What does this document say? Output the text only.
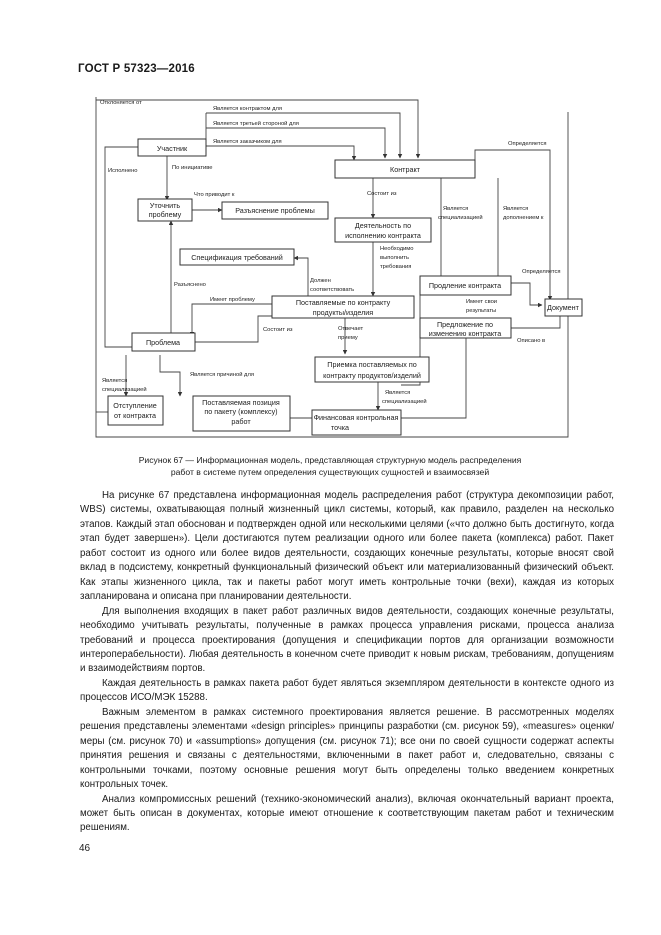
ГОСТ Р 57323—2016
Участник
Контракт
Уточнить
проблему	Разъяснение проблемы
Деятельность по
исполнению контракта
Спецификация требований
Поставляемые по контракту
продукты/изделия
Продление контракта
Документ
Предложение по
изменению контракта
Проблема
Приемка поставляемых по
контракту продуктов/изделий
Отступление
от контракта
Поставляемая позиция
по пакету (комплексу)
работ	Финансовая контрольная
точка
Отклоняется от
Является контрактом для
Является третьей стороной для
Является заказчиком для
По инициативе
Исполнено
Что приводит к	Состоит из
Является
специализацией
Является
дополнением к
Определяется
Необходимо
выполнить
требования
Должен
соответствовать
Разъяснено
Имеет проблему
Определяется
Имеет свои
результаты
Состоит из	Отвечает
приему	Описано в
Является причиной для
Является
специализацией	Является
специализацией
Рисунок 67 — Информационная модель, представляющая структурную модель распределения
работ в системе путем определения существующих сущностей и взаимосвязей

На рисунке 67 представлена информационная модель распределения работ (структура декомпозиции работ, WBS) системы, охватывающая полный жизненный цикл системы, который, как правило, разделен на несколько этапов. Каждый этап обоснован и подтвержден одной или несколькими целями («что должно быть достигнуто, когда этап будет завершен»). Цели достигаются путем реализации одного или более пакета (комплекса) работ. Пакет работ состоит из одного или более видов деятельности, создающих конечные результаты, которые вносят свой вклад в подсистему, конкретный функциональный физический объект или материализованный физический объект. Как этапы жизненного цикла, так и пакеты работ могут иметь контрольные точки (вехи), каждая из которых запланирована и описана при планировании деятельности.

Для выполнения входящих в пакет работ различных видов деятельности, создающих конечные результаты, необходимо учитывать результаты, полученные в рамках процесса управления рисками, процесса анализа требований и процесса проектирования (допущения и спецификации портов для организации возможности интероперабельности). Любая деятельность в конечном счете приводит к новым рискам, требованиям, допущениям и взаимодействиям портов.

Каждая деятельность в рамках пакета работ будет являться экземпляром деятельности в контексте одного из процессов ИСО/МЭК 15288.

Важным элементом в рамках системного проектирования является решение. В рассмотренных моделях решения представлены элементами «design principles» принципы разработки (см. рисунок 59), «measures» оценки/меры (см. рисунок 70) и «assumptions» допущения (см. рисунок 71); все они по своей сущности содержат аспекты принятия решения и связаны с деятельностями, включенными в пакет работ и, следовательно, связаны с контрольными точками, поэтому основные решения могут быть определены только введением конкретных контрольных точек.

Анализ компромиссных решений (технико-экономический анализ), включая окончательный вариант проекта, может быть описан в документах, которые имеют отношение к соответствующим пакетам работ и техническим решениям.

46
